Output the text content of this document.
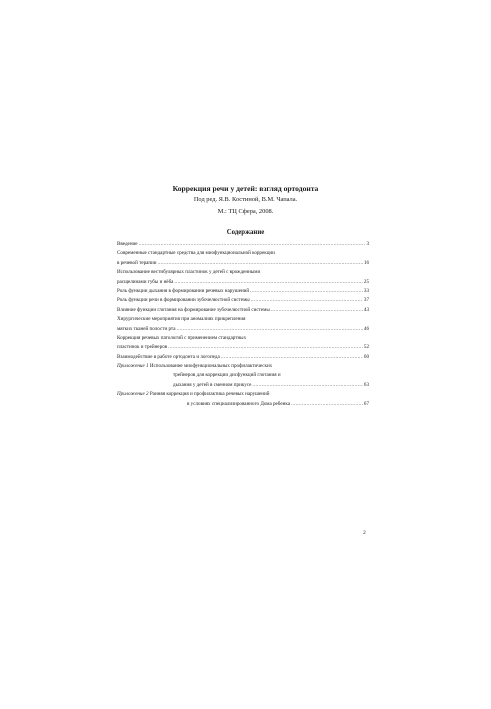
Коррекция речи у детей: взгляд ортодонта
Под ред. Я.В. Костиной, В.М. Чапала.
М.: ТЦ Сфера, 2008.
Содержание
Введение .....	3
Современные стандартные средства для миофункциональной коррекции
в речевой терапии .....	16
Использование вестибулярных пластинок у детей с врожденными
расщелинами губы и нёба .....	25
Роль функции дыхания в формировании речевых нарушений .....	33
Роль функции речи в формировании зубочелюстной системы .....	37
Влияние функции глотания на формирование зубочелюстной системы .....	43
Хирургические мероприятия при аномалиях прикрепления
мягких тканей полости рта .....	46
Коррекция речевых патологий с применением стандартных
пластинок и трейнеров .....	52
Взаимодействие в работе ортодонта и логопеда .....	60
Приложение 1 Использование миофункциональных профилактических
трейнеров для коррекции дисфункций глотания и
дыхания у детей в сменном прикусе .....	63
Приложение 2 Ранняя коррекция и профилактика речевых нарушений
в условиях специализированного Дома ребенка .....	67
2
